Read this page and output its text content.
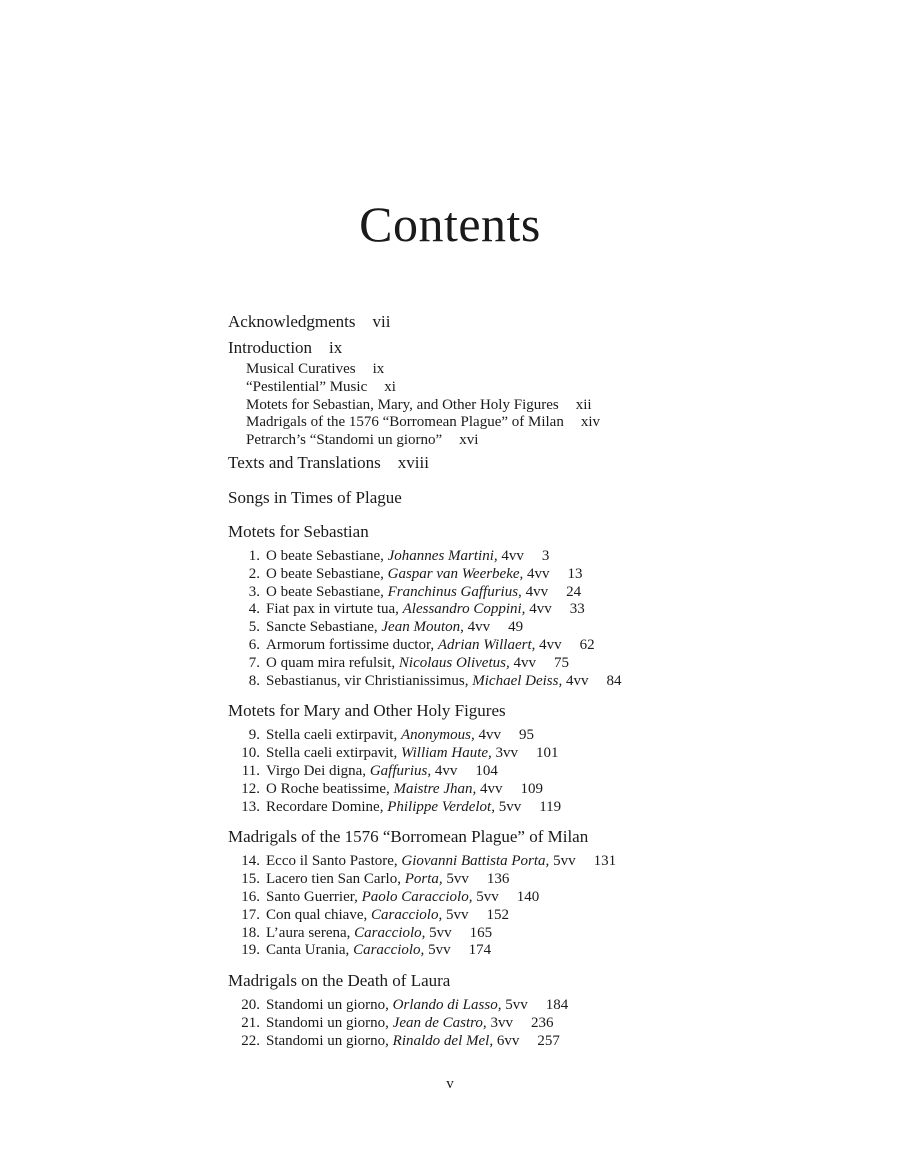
Contents
Acknowledgments vii
Introduction ix
Musical Curatives ix
“Pestilential” Music xi
Motets for Sebastian, Mary, and Other Holy Figures xii
Madrigals of the 1576 “Borromean Plague” of Milan xiv
Petrarch’s “Standomi un giorno” xvi
Texts and Translations xviii
Songs in Times of Plague
Motets for Sebastian
1. O beate Sebastiane, Johannes Martini, 4vv 3
2. O beate Sebastiane, Gaspar van Weerbeke, 4vv 13
3. O beate Sebastiane, Franchinus Gaffurius, 4vv 24
4. Fiat pax in virtute tua, Alessandro Coppini, 4vv 33
5. Sancte Sebastiane, Jean Mouton, 4vv 49
6. Armorum fortissime ductor, Adrian Willaert, 4vv 62
7. O quam mira refulsit, Nicolaus Olivetus, 4vv 75
8. Sebastianus, vir Christianissimus, Michael Deiss, 4vv 84
Motets for Mary and Other Holy Figures
9. Stella caeli extirpavit, Anonymous, 4vv 95
10. Stella caeli extirpavit, William Haute, 3vv 101
11. Virgo Dei digna, Gaffurius, 4vv 104
12. O Roche beatissime, Maistre Jhan, 4vv 109
13. Recordare Domine, Philippe Verdelot, 5vv 119
Madrigals of the 1576 “Borromean Plague” of Milan
14. Ecco il Santo Pastore, Giovanni Battista Porta, 5vv 131
15. Lacero tien San Carlo, Porta, 5vv 136
16. Santo Guerrier, Paolo Caracciolo, 5vv 140
17. Con qual chiave, Caracciolo, 5vv 152
18. L’aura serena, Caracciolo, 5vv 165
19. Canta Urania, Caracciolo, 5vv 174
Madrigals on the Death of Laura
20. Standomi un giorno, Orlando di Lasso, 5vv 184
21. Standomi un giorno, Jean de Castro, 3vv 236
22. Standomi un giorno, Rinaldo del Mel, 6vv 257
v
